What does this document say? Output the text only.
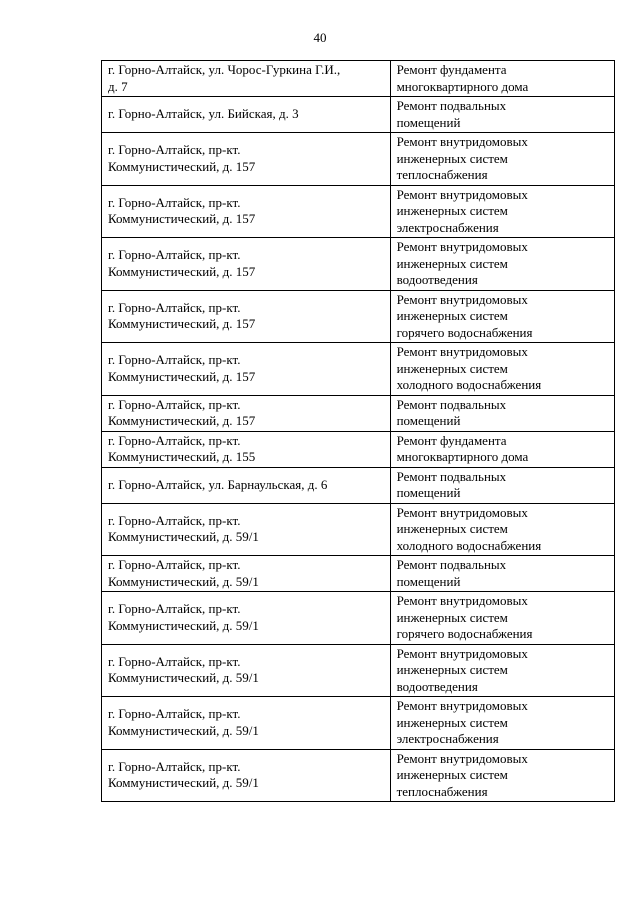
40
г. Горно-Алтайск, ул. Чорос-Гуркина Г.И.,
д. 7	Ремонт фундамента
многоквартирного дома
г. Горно-Алтайск, ул. Бийская, д. 3	Ремонт подвальных
помещений
г. Горно-Алтайск, пр-кт.
Коммунистический, д. 157	Ремонт внутридомовых
инженерных систем
теплоснабжения
г. Горно-Алтайск, пр-кт.
Коммунистический, д. 157	Ремонт внутридомовых
инженерных систем
электроснабжения
г. Горно-Алтайск, пр-кт.
Коммунистический, д. 157	Ремонт внутридомовых
инженерных систем
водоотведения
г. Горно-Алтайск, пр-кт.
Коммунистический, д. 157	Ремонт внутридомовых
инженерных систем
горячего водоснабжения
г. Горно-Алтайск, пр-кт.
Коммунистический, д. 157	Ремонт внутридомовых
инженерных систем
холодного водоснабжения
г. Горно-Алтайск, пр-кт.
Коммунистический, д. 157	Ремонт подвальных
помещений
г. Горно-Алтайск, пр-кт.
Коммунистический, д. 155	Ремонт фундамента
многоквартирного дома
г. Горно-Алтайск, ул. Барнаульская, д. 6	Ремонт подвальных
помещений
г. Горно-Алтайск, пр-кт.
Коммунистический, д. 59/1	Ремонт внутридомовых
инженерных систем
холодного водоснабжения
г. Горно-Алтайск, пр-кт.
Коммунистический, д. 59/1	Ремонт подвальных
помещений
г. Горно-Алтайск, пр-кт.
Коммунистический, д. 59/1	Ремонт внутридомовых
инженерных систем
горячего водоснабжения
г. Горно-Алтайск, пр-кт.
Коммунистический, д. 59/1	Ремонт внутридомовых
инженерных систем
водоотведения
г. Горно-Алтайск, пр-кт.
Коммунистический, д. 59/1	Ремонт внутридомовых
инженерных систем
электроснабжения
г. Горно-Алтайск, пр-кт.
Коммунистический, д. 59/1	Ремонт внутридомовых
инженерных систем
теплоснабжения
